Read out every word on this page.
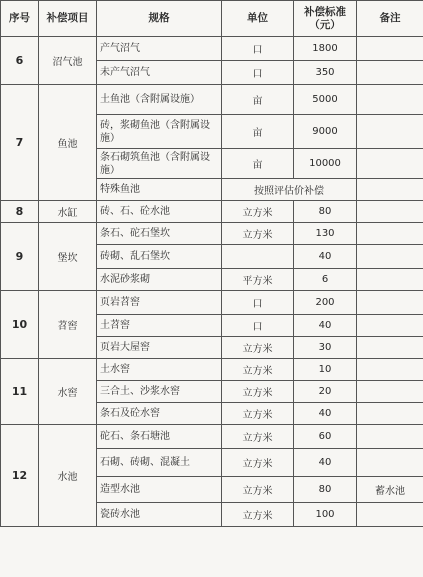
序号	补偿项目	规格	单位	补偿标准（元）	备注
6	沼气池	产气沼气	口	1800	
		未产气沼气	口	350	
7	鱼池	土鱼池（含附属设施）	亩	5000	
		砖，浆砌鱼池（含附属设施）	亩	9000	
		条石砌筑鱼池（含附属设施）	亩	10000	
		特殊鱼池	按照评估价补偿		
8	水缸	砖、石、砼水池	立方米	80	
9	堡坎	条石、砣石堡坎	立方米	130	
		砖砌、乱石堡坎		40	
		水泥砂浆砌	平方米	6	
10	苕窖	页岩苕窖	口	200	
		土苕窖	口	40	
		页岩大屋窖	立方米	30	
11	水窖	土水窖	立方米	10	
		三合土、沙浆水窖	立方米	20	
		条石及砼水窖	立方米	40	
12	水池	砣石、条石塘池	立方米	60	
		石砌、砖砌、混凝土	立方米	40	
		造型水池	立方米	80	蓄水池
		瓷砖水池	立方米	100	
